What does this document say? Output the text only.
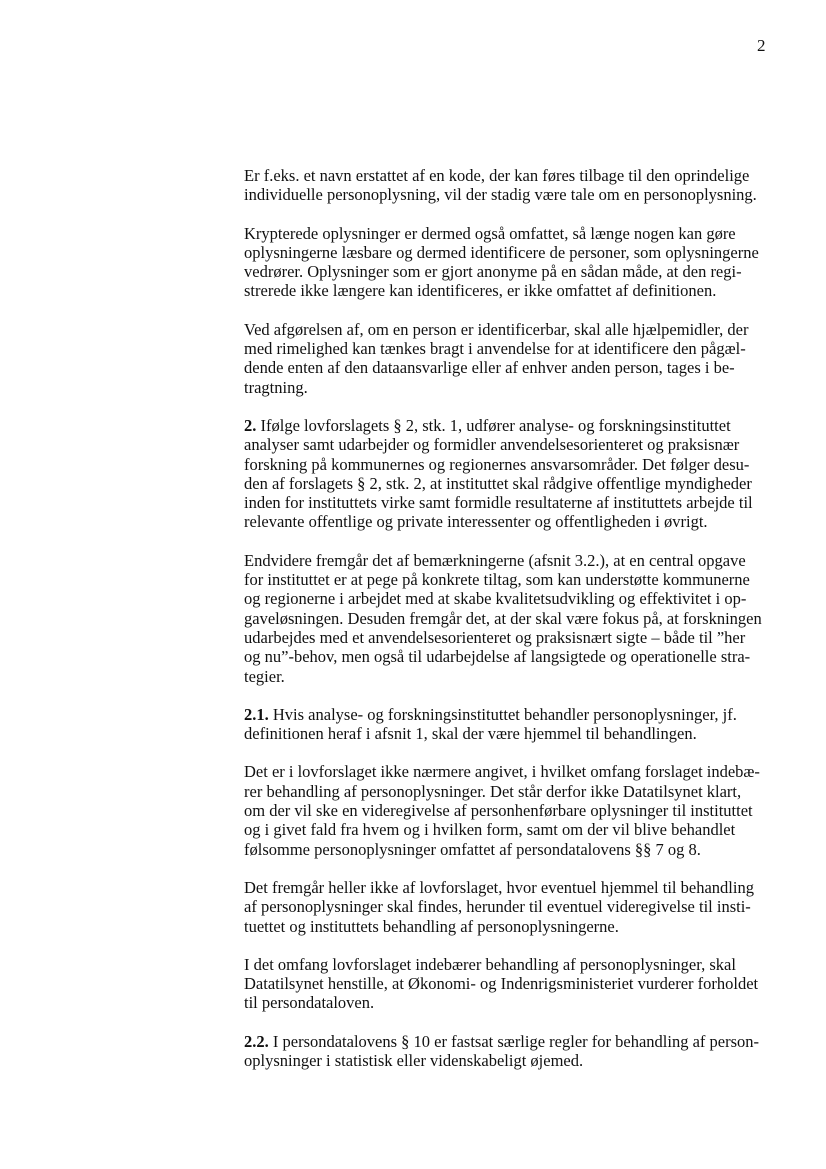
2

Er f.eks. et navn erstattet af en kode, der kan føres tilbage til den oprindelige
individuelle personoplysning, vil der stadig være tale om en personoplysning.

Krypterede oplysninger er dermed også omfattet, så længe nogen kan gøre
oplysningerne læsbare og dermed identificere de personer, som oplysningerne
vedrører. Oplysninger som er gjort anonyme på en sådan måde, at den regi-
strerede ikke længere kan identificeres, er ikke omfattet af definitionen.

Ved afgørelsen af, om en person er identificerbar, skal alle hjælpemidler, der
med rimelighed kan tænkes bragt i anvendelse for at identificere den pågæl-
dende enten af den dataansvarlige eller af enhver anden person, tages i be-
tragtning.

2. Ifølge lovforslagets § 2, stk. 1, udfører analyse- og forskningsinstituttet
analyser samt udarbejder og formidler anvendelsesorienteret og praksisnær
forskning på kommunernes og regionernes ansvarsområder. Det følger desu-
den af forslagets § 2, stk. 2, at instituttet skal rådgive offentlige myndigheder
inden for instituttets virke samt formidle resultaterne af instituttets arbejde til
relevante offentlige og private interessenter og offentligheden i øvrigt.

Endvidere fremgår det af bemærkningerne (afsnit 3.2.), at en central opgave
for instituttet er at pege på konkrete tiltag, som kan understøtte kommunerne
og regionerne i arbejdet med at skabe kvalitetsudvikling og effektivitet i op-
gaveløsningen. Desuden fremgår det, at der skal være fokus på, at forskningen
udarbejdes med et anvendelsesorienteret og praksisnært sigte – både til ”her
og nu”-behov, men også til udarbejdelse af langsigtede og operationelle stra-
tegier.

2.1. Hvis analyse- og forskningsinstituttet behandler personoplysninger, jf.
definitionen heraf i afsnit 1, skal der være hjemmel til behandlingen.

Det er i lovforslaget ikke nærmere angivet, i hvilket omfang forslaget indebæ-
rer behandling af personoplysninger. Det står derfor ikke Datatilsynet klart,
om der vil ske en videregivelse af personhenførbare oplysninger til instituttet
og i givet fald fra hvem og i hvilken form, samt om der vil blive behandlet
følsomme personoplysninger omfattet af persondatalovens §§ 7 og 8.

Det fremgår heller ikke af lovforslaget, hvor eventuel hjemmel til behandling
af personoplysninger skal findes, herunder til eventuel videregivelse til insti-
tuettet og instituttets behandling af personoplysningerne.

I det omfang lovforslaget indebærer behandling af personoplysninger, skal
Datatilsynet henstille, at Økonomi- og Indenrigsministeriet vurderer forholdet
til persondataloven.

2.2. I persondatalovens § 10 er fastsat særlige regler for behandling af person-
oplysninger i statistisk eller videnskabeligt øjemed.
